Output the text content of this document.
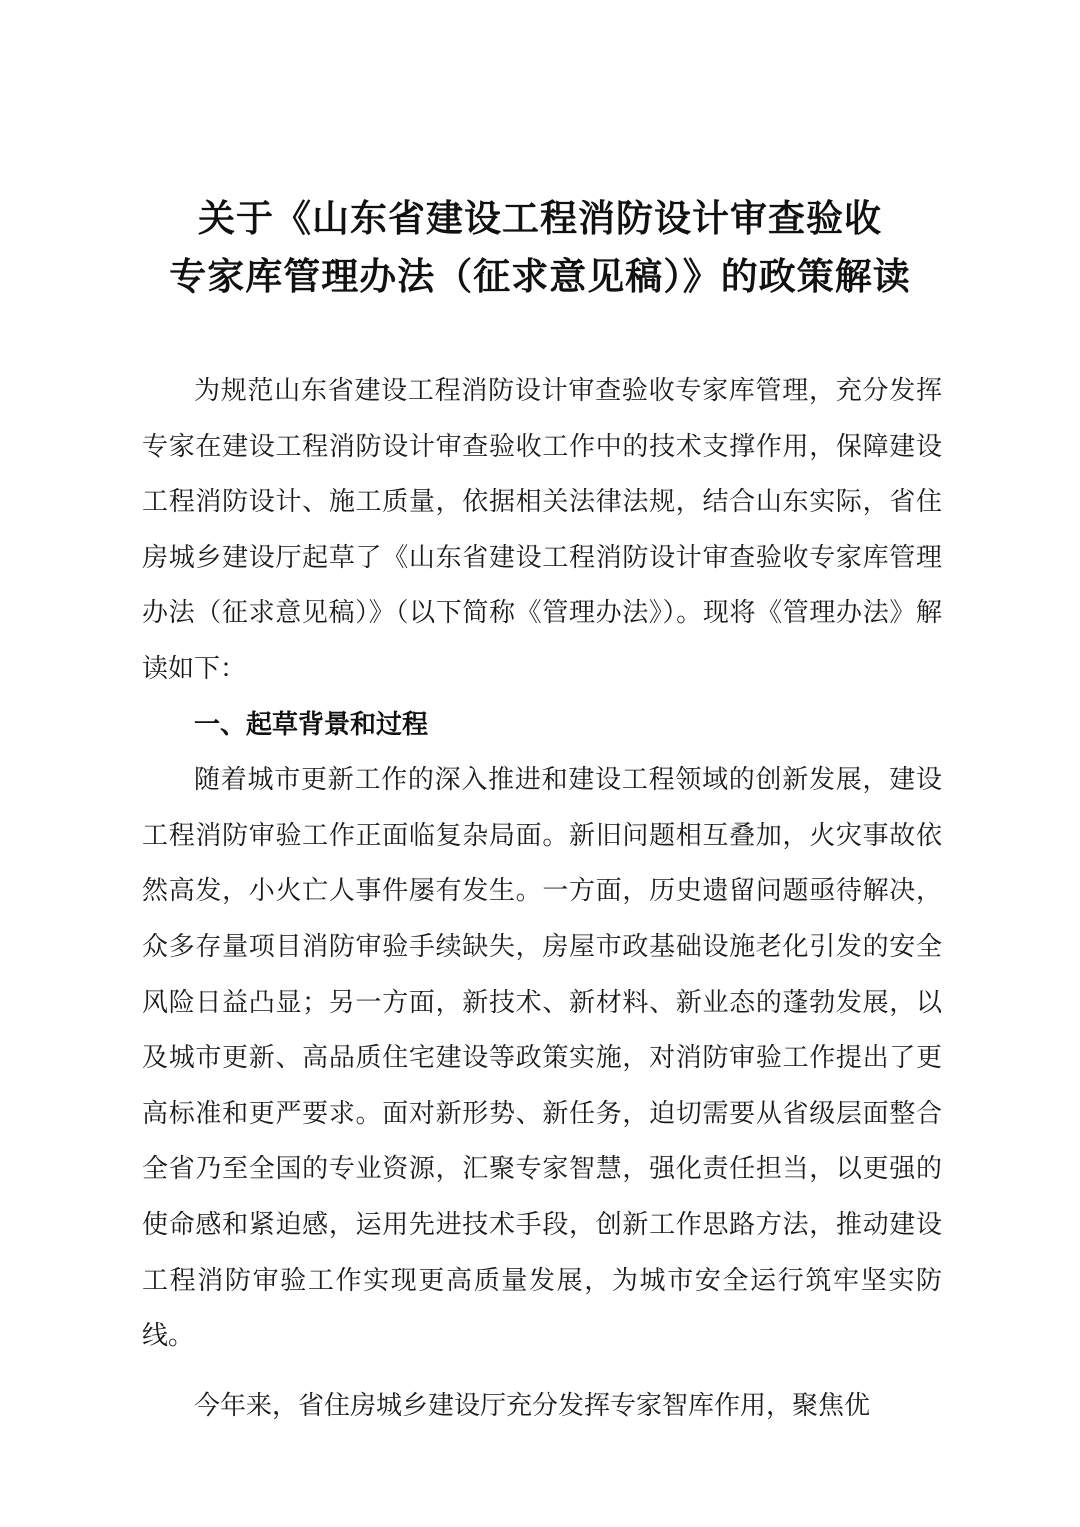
关于《山东省建设工程消防设计审查验收
专家库管理办法（征求意见稿）》的政策解读

为规范山东省建设工程消防设计审查验收专家库管理，充分发挥专家在建设工程消防设计审查验收工作中的技术支撑作用，保障建设工程消防设计、施工质量，依据相关法律法规，结合山东实际，省住房城乡建设厅起草了《山东省建设工程消防设计审查验收专家库管理办法（征求意见稿）》（以下简称《管理办法》）。现将《管理办法》解读如下：

一、起草背景和过程

随着城市更新工作的深入推进和建设工程领域的创新发展，建设工程消防审验工作正面临复杂局面。新旧问题相互叠加，火灾事故依然高发，小火亡人事件屡有发生。一方面，历史遗留问题亟待解决，众多存量项目消防审验手续缺失，房屋市政基础设施老化引发的安全风险日益凸显；另一方面，新技术、新材料、新业态的蓬勃发展，以及城市更新、高品质住宅建设等政策实施，对消防审验工作提出了更高标准和更严要求。面对新形势、新任务，迫切需要从省级层面整合全省乃至全国的专业资源，汇聚专家智慧，强化责任担当，以更强的使命感和紧迫感，运用先进技术手段，创新工作思路方法，推动建设工程消防审验工作实现更高质量发展，为城市安全运行筑牢坚实防线。

今年来，省住房城乡建设厅充分发挥专家智库作用，聚焦优
